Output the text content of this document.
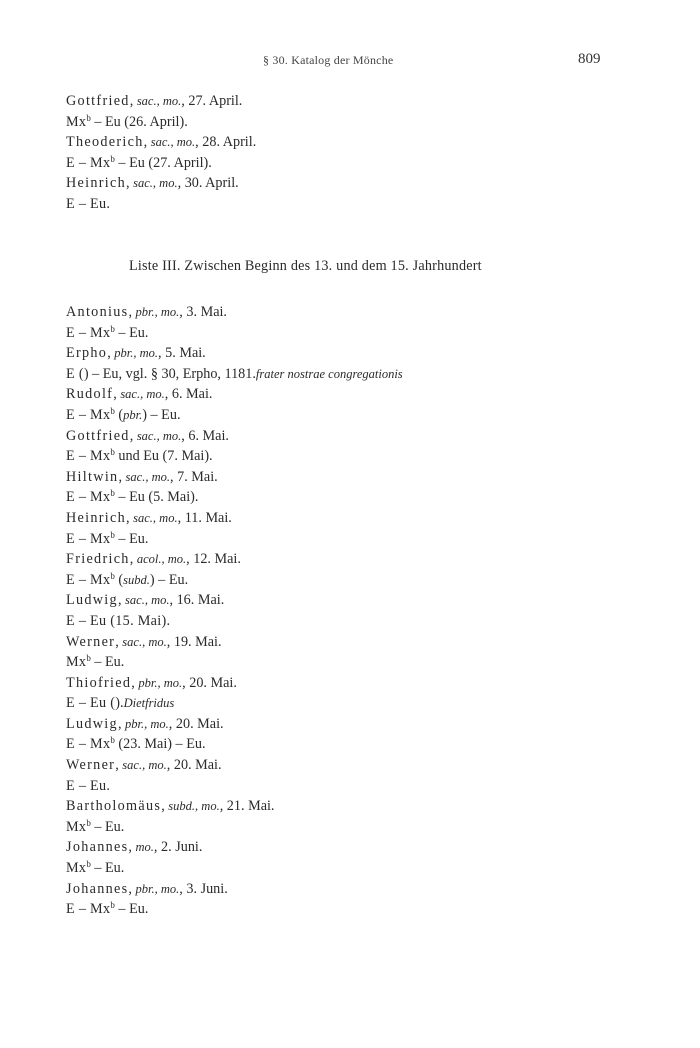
§ 30. Katalog der Mönche	809
Gottfried, sac., mo., 27. April.
Mx$^b$ – Eu (26. April).
Theoderich, sac., mo., 28. April.
E – Mx$^b$ – Eu (27. April).
Heinrich, sac., mo., 30. April.
E – Eu.
Liste III. Zwischen Beginn des 13. und dem 15. Jahrhundert
Antonius, pbr., mo., 3. Mai.
E – Mx$^b$ – Eu.
Erpho, pbr., mo., 5. Mai.
E () – Eu, vgl. § 30, Erpho, 1181.frater nostrae congregationis
Rudolf, sac., mo., 6. Mai.
E – Mx$^b$ (pbr.) – Eu.
Gottfried, sac., mo., 6. Mai.
E – Mx$^b$ und Eu (7. Mai).
Hiltwin, sac., mo., 7. Mai.
E – Mx$^b$ – Eu (5. Mai).
Heinrich, sac., mo., 11. Mai.
E – Mx$^b$ – Eu.
Friedrich, acol., mo., 12. Mai.
E – Mx$^b$ (subd.) – Eu.
Ludwig, sac., mo., 16. Mai.
E – Eu (15. Mai).
Werner, sac., mo., 19. Mai.
Mx$^b$ – Eu.
Thiofried, pbr., mo., 20. Mai.
E – Eu ().Dietfridus
Ludwig, pbr., mo., 20. Mai.
E – Mx$^b$ (23. Mai) – Eu.
Werner, sac., mo., 20. Mai.
E – Eu.
Bartholomäus, subd., mo., 21. Mai.
Mx$^b$ – Eu.
Johannes, mo., 2. Juni.
Mx$^b$ – Eu.
Johannes, pbr., mo., 3. Juni.
E – Mx$^b$ – Eu.
